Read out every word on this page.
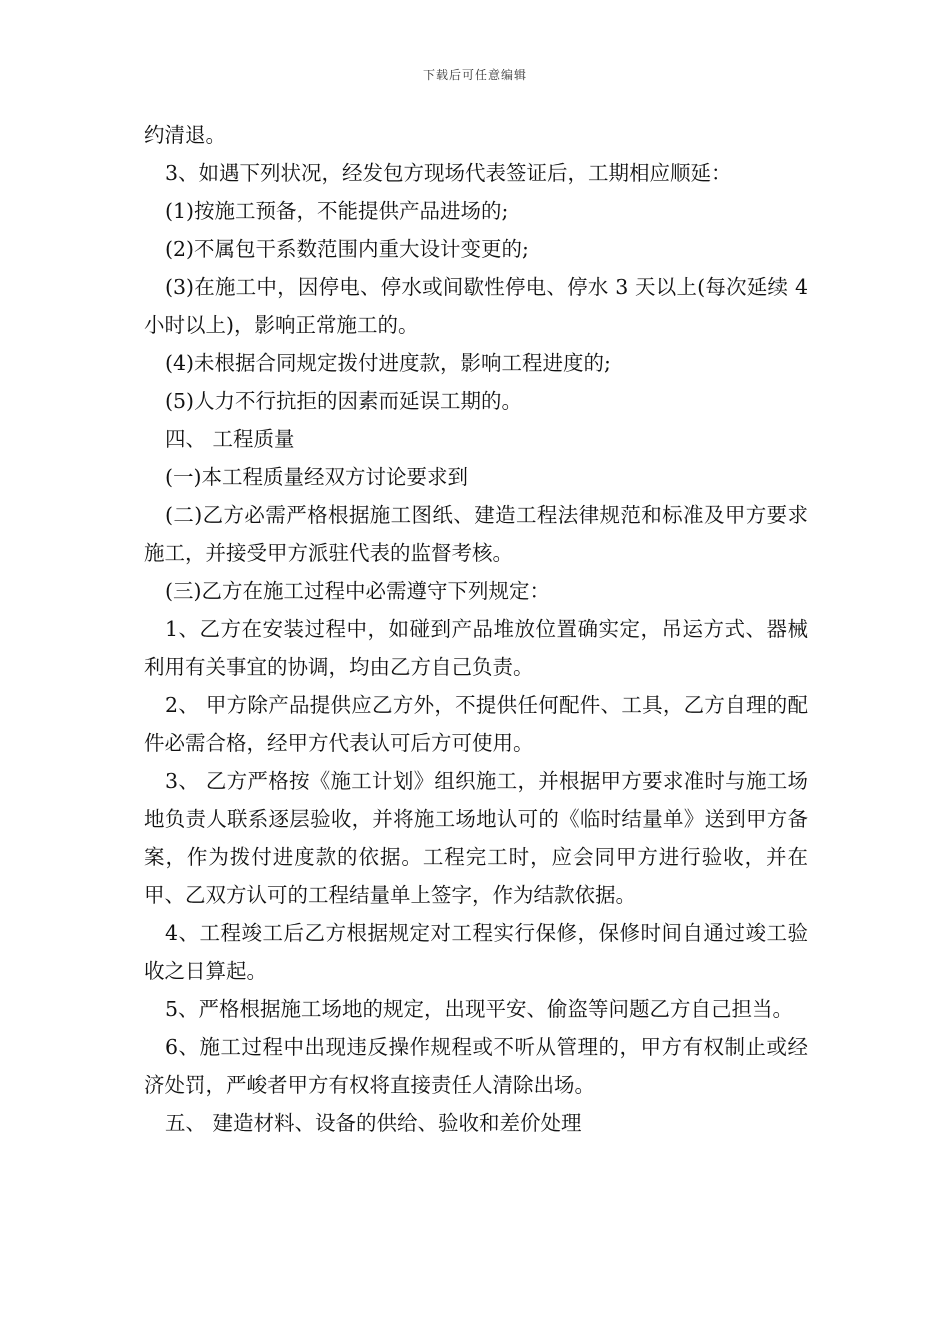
下载后可任意编辑

约清退。

3、如遇下列状况，经发包方现场代表签证后，工期相应顺延：

(1)按施工预备，不能提供产品进场的;

(2)不属包干系数范围内重大设计变更的;

(3)在施工中，因停电、停水或间歇性停电、停水 3 天以上(每次延续 4 小时以上)，影响正常施工的。

(4)未根据合同规定拨付进度款，影响工程进度的;

(5)人力不行抗拒的因素而延误工期的。

四、 工程质量

(一)本工程质量经双方讨论要求到

(二)乙方必需严格根据施工图纸、建造工程法律规范和标准及甲方要求施工，并接受甲方派驻代表的监督考核。

(三)乙方在施工过程中必需遵守下列规定：

1、乙方在安装过程中，如碰到产品堆放位置确实定，吊运方式、器械利用有关事宜的协调，均由乙方自己负责。

2、 甲方除产品提供应乙方外，不提供任何配件、工具，乙方自理的配件必需合格，经甲方代表认可后方可使用。

3、 乙方严格按《施工计划》组织施工，并根据甲方要求准时与施工场地负责人联系逐层验收，并将施工场地认可的《临时结量单》送到甲方备案，作为拨付进度款的依据。工程完工时，应会同甲方进行验收，并在甲、乙双方认可的工程结量单上签字，作为结款依据。

4、工程竣工后乙方根据规定对工程实行保修，保修时间自通过竣工验收之日算起。

5、严格根据施工场地的规定，出现平安、偷盗等问题乙方自己担当。

6、施工过程中出现违反操作规程或不听从管理的，甲方有权制止或经济处罚，严峻者甲方有权将直接责任人清除出场。

五、 建造材料、设备的供给、验收和差价处理
